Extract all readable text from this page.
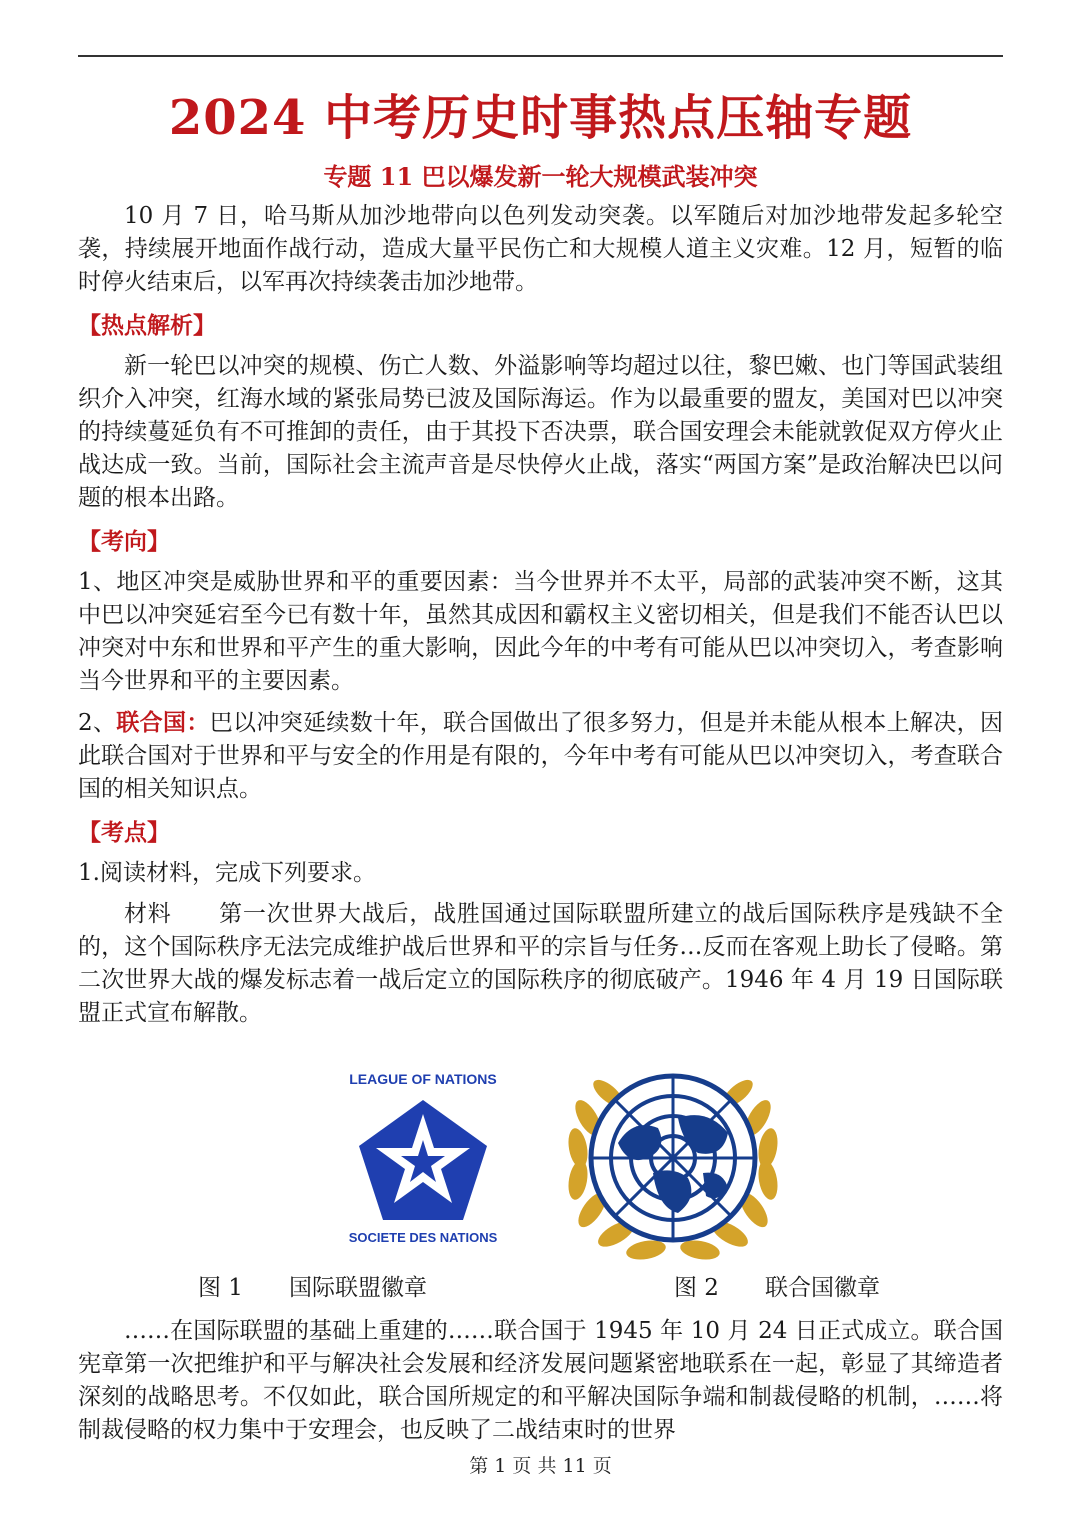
2024 中考历史时事热点压轴专题
专题 11 巴以爆发新一轮大规模武装冲突

10 月 7 日，哈马斯从加沙地带向以色列发动突袭。以军随后对加沙地带发起多轮空袭，持续展开地面作战行动，造成大量平民伤亡和大规模人道主义灾难。12 月，短暂的临时停火结束后，以军再次持续袭击加沙地带。

【热点解析】

新一轮巴以冲突的规模、伤亡人数、外溢影响等均超过以往，黎巴嫩、也门等国武装组织介入冲突，红海水域的紧张局势已波及国际海运。作为以最重要的盟友，美国对巴以冲突的持续蔓延负有不可推卸的责任，由于其投下否决票，联合国安理会未能就敦促双方停火止战达成一致。当前，国际社会主流声音是尽快停火止战，落实“两国方案”是政治解决巴以问题的根本出路。

【考向】

1、地区冲突是威胁世界和平的重要因素：当今世界并不太平，局部的武装冲突不断，这其中巴以冲突延宕至今已有数十年，虽然其成因和霸权主义密切相关，但是我们不能否认巴以冲突对中东和世界和平产生的重大影响，因此今年的中考有可能从巴以冲突切入，考查影响当今世界和平的主要因素。

2、联合国：巴以冲突延续数十年，联合国做出了很多努力，但是并未能从根本上解决，因此联合国对于世界和平与安全的作用是有限的，今年中考有可能从巴以冲突切入，考查联合国的相关知识点。

【考点】

1.阅读材料，完成下列要求。

材料　　第一次世界大战后，战胜国通过国际联盟所建立的战后国际秩序是残缺不全的，这个国际秩序无法完成维护战后世界和平的宗旨与任务…反而在客观上助长了侵略。第二次世界大战的爆发标志着一战后定立的国际秩序的彻底破产。1946 年 4 月 19 日国际联盟正式宣布解散。

LEAGUE OF NATIONS
SOCIETE DES NATIONS
图 1　　国际联盟徽章	图 2　　联合国徽章

……在国际联盟的基础上重建的……联合国于 1945 年 10 月 24 日正式成立。联合国宪章第一次把维护和平与解决社会发展和经济发展问题紧密地联系在一起，彰显了其缔造者深刻的战略思考。不仅如此，联合国所规定的和平解决国际争端和制裁侵略的机制，……将制裁侵略的权力集中于安理会，也反映了二战结束时的世界

第 1 页 共 11 页
